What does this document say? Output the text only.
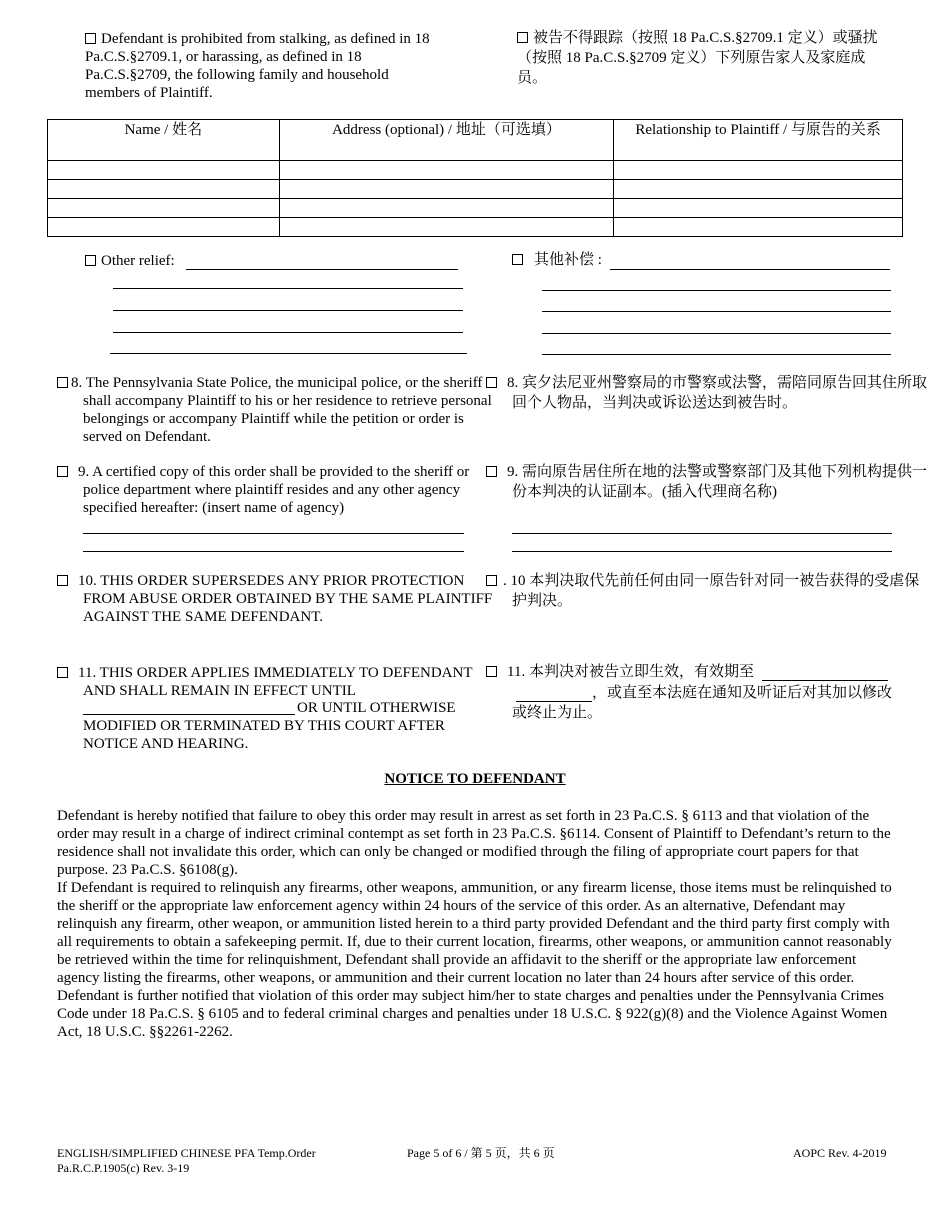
Defendant is prohibited from stalking, as defined in 18 Pa.C.S.§2709.1, or harassing, as defined in 18 Pa.C.S.§2709, the following family and household members of Plaintiff.
被告不得跟踪（按照 18 Pa.C.S.§2709.1 定义）或骚扰（按照 18 Pa.C.S.§2709 定义）下列原告家人及家庭成员。
Name / 姓名	Address (optional) / 地址（可选填）	Relationship to Plaintiff / 与原告的关系

Other relief:	其他补偿 :
8. The Pennsylvania State Police, the municipal police, or the sheriff shall accompany Plaintiff to his or her residence to retrieve personal belongings or accompany Plaintiff while the petition or order is served on Defendant.
8. 宾夕法尼亚州警察局的市警察或法警，需陪同原告回其住所取回个人物品，当判决或诉讼送达到被告时。
9. A certified copy of this order shall be provided to the sheriff or police department where plaintiff resides and any other agency specified hereafter: (insert name of agency)
9. 需向原告居住所在地的法警或警察部门及其他下列机构提供一份本判决的认证副本。(插入代理商名称)
10. THIS ORDER SUPERSEDES ANY PRIOR PROTECTION FROM ABUSE ORDER OBTAINED BY THE SAME PLAINTIFF AGAINST THE SAME DEFENDANT.
. 10 本判决取代先前任何由同一原告针对同一被告获得的受虐保护判决。
11. THIS ORDER APPLIES IMMEDIATELY TO DEFENDANT AND SHALL REMAIN IN EFFECT UNTIL
OR UNTIL OTHERWISE
MODIFIED OR TERMINATED BY THIS COURT AFTER NOTICE AND HEARING.
11. 本判决对被告立即生效，有效期至
，或直至本法庭在通知及听证后对其加以修改或终止为止。
NOTICE TO DEFENDANT

Defendant is hereby notified that failure to obey this order may result in arrest as set forth in 23 Pa.C.S. § 6113 and that violation of the order may result in a charge of indirect criminal contempt as set forth in 23 Pa.C.S. §6114. Consent of Plaintiff to Defendant’s return to the residence shall not invalidate this order, which can only be changed or modified through the filing of appropriate court papers for that purpose. 23 Pa.C.S. §6108(g).

If Defendant is required to relinquish any firearms, other weapons, ammunition, or any firearm license, those items must be relinquished to the sheriff or the appropriate law enforcement agency within 24 hours of the service of this order. As an alternative, Defendant may relinquish any firearm, other weapon, or ammunition listed herein to a third party provided Defendant and the third party first comply with all requirements to obtain a safekeeping permit. If, due to their current location, firearms, other weapons, or ammunition cannot reasonably be retrieved within the time for relinquishment, Defendant shall provide an affidavit to the sheriff or the appropriate law enforcement agency listing the firearms, other weapons, or ammunition and their current location no later than 24 hours after service of this order. Defendant is further notified that violation of this order may subject him/her to state charges and penalties under the Pennsylvania Crimes Code under 18 Pa.C.S. § 6105 and to federal criminal charges and penalties under 18 U.S.C. § 922(g)(8) and the Violence Against Women Act, 18 U.S.C. §§2261-2262.

ENGLISH/SIMPLIFIED CHINESE PFA Temp.Order
Pa.R.C.P.1905(c) Rev. 3-19
Page 5 of 6 / 第 5 页，共 6 页	AOPC Rev. 4-2019
